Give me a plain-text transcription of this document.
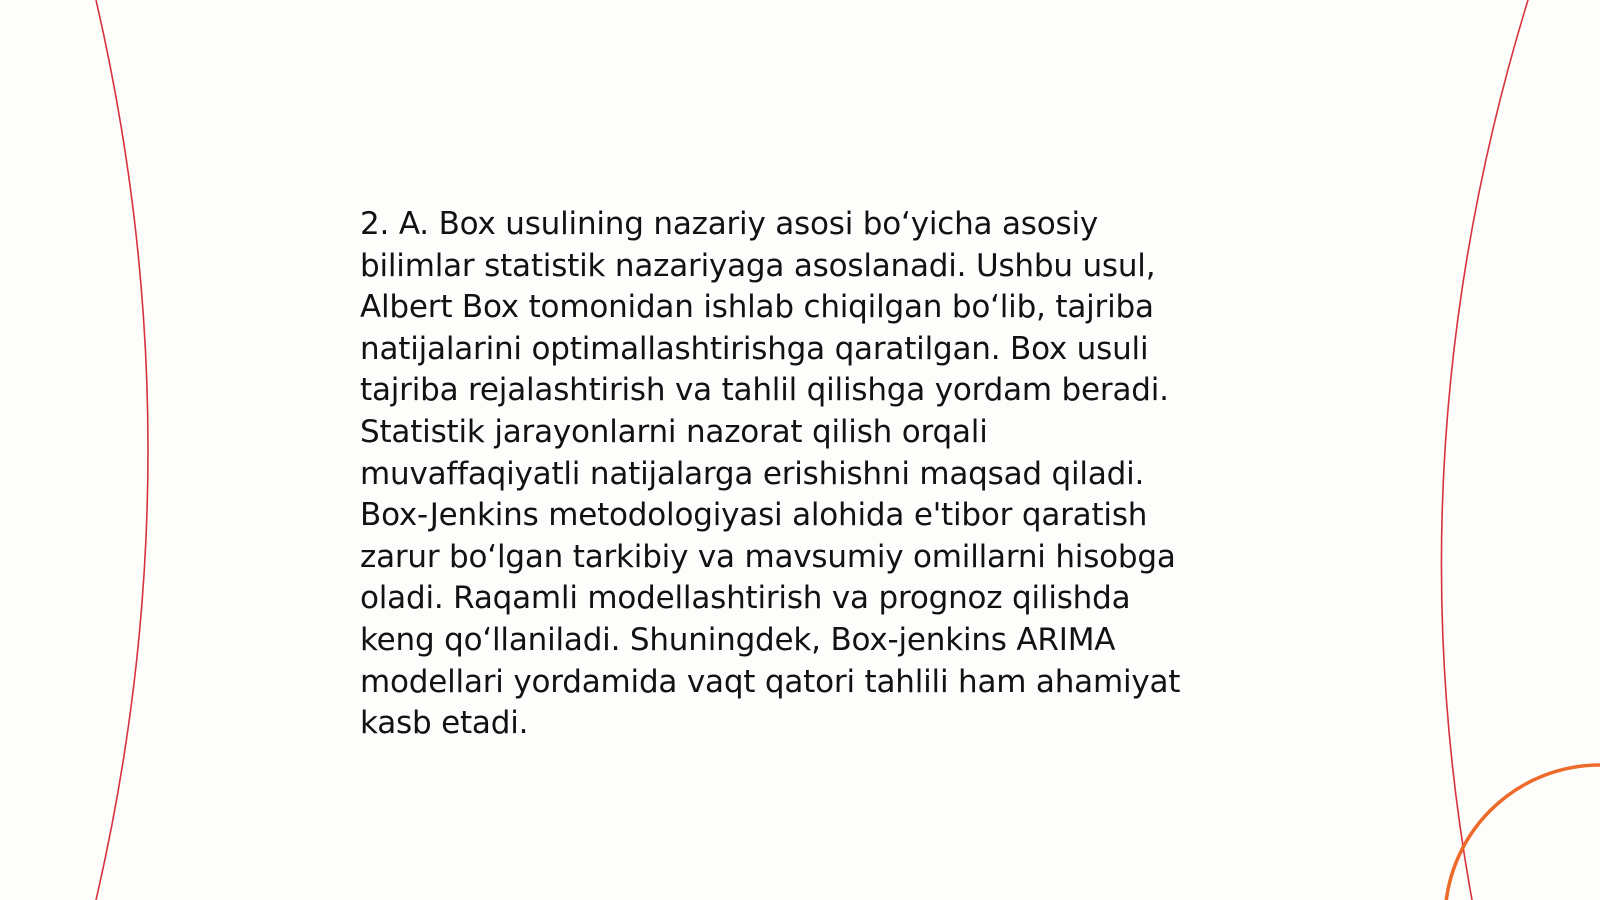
2. A. Box usulining nazariy asosi bo‘yicha asosiy
bilimlar statistik nazariyaga asoslanadi. Ushbu usul,
Albert Box tomonidan ishlab chiqilgan bo‘lib, tajriba
natijalarini optimallashtirishga qaratilgan. Box usuli
tajriba rejalashtirish va tahlil qilishga yordam beradi.
Statistik jarayonlarni nazorat qilish orqali
muvaffaqiyatli natijalarga erishishni maqsad qiladi.
Box-Jenkins metodologiyasi alohida e'tibor qaratish
zarur bo‘lgan tarkibiy va mavsumiy omillarni hisobga
oladi. Raqamli modellashtirish va prognoz qilishda
keng qo‘llaniladi. Shuningdek, Box-jenkins ARIMA
modellari yordamida vaqt qatori tahlili ham ahamiyat
kasb etadi.
